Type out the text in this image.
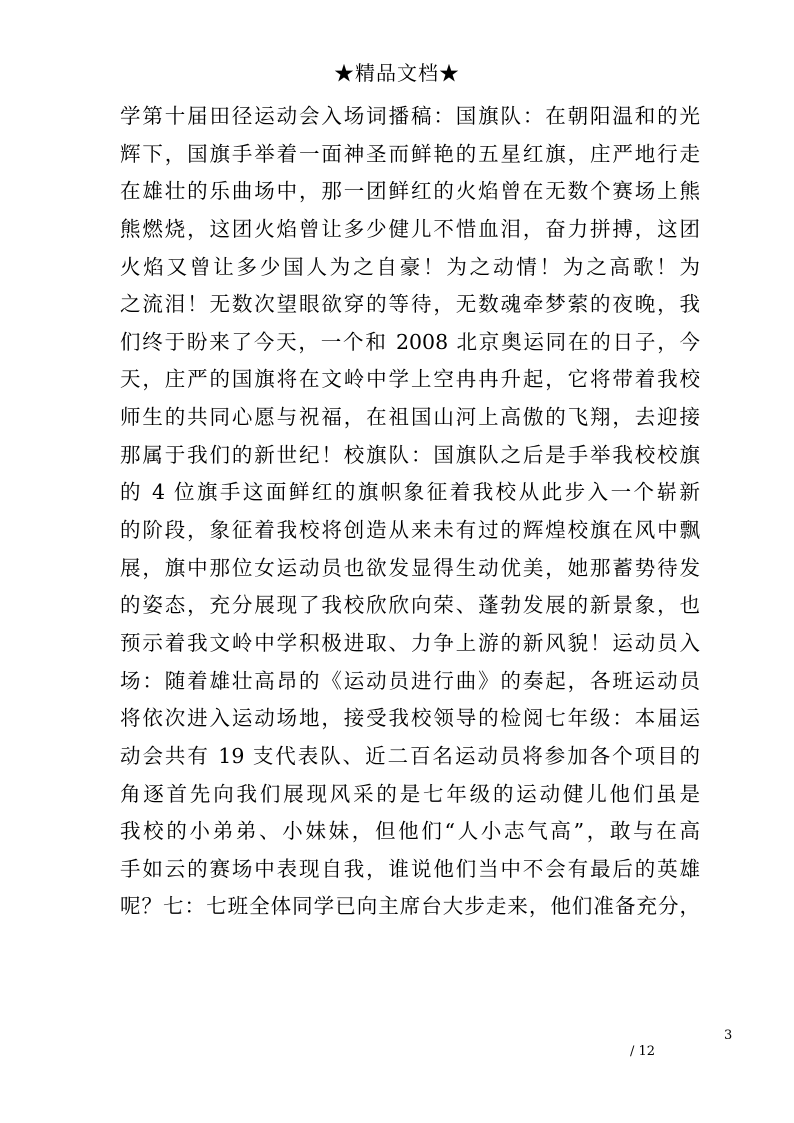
★精品文档★
学第十届田径运动会入场词播稿：国旗队：在朝阳温和的光
辉下，国旗手举着一面神圣而鲜艳的五星红旗，庄严地行走
在雄壮的乐曲场中，那一团鲜红的火焰曾在无数个赛场上熊
熊燃烧，这团火焰曾让多少健儿不惜血泪，奋力拼搏，这团
火焰又曾让多少国人为之自豪！为之动情！为之高歌！为
之流泪！无数次望眼欲穿的等待，无数魂牵梦萦的夜晚，我
们终于盼来了今天，一个和 2008 北京奥运同在的日子，今
天，庄严的国旗将在文岭中学上空冉冉升起，它将带着我校
师生的共同心愿与祝福，在祖国山河上高傲的飞翔，去迎接
那属于我们的新世纪！校旗队：国旗队之后是手举我校校旗
的 4 位旗手这面鲜红的旗帜象征着我校从此步入一个崭新
的阶段，象征着我校将创造从来未有过的辉煌校旗在风中飘
展，旗中那位女运动员也欲发显得生动优美，她那蓄势待发
的姿态，充分展现了我校欣欣向荣、蓬勃发展的新景象，也
预示着我文岭中学积极进取、力争上游的新风貌！运动员入
场：随着雄壮高昂的《运动员进行曲》的奏起，各班运动员
将依次进入运动场地，接受我校领导的检阅七年级：本届运
动会共有 19 支代表队、近二百名运动员将参加各个项目的
角逐首先向我们展现风采的是七年级的运动健儿他们虽是
我校的小弟弟、小妹妹，但他们“人小志气高”，敢与在高
手如云的赛场中表现自我，谁说他们当中不会有最后的英雄
呢？七：七班全体同学已向主席台大步走来，他们准备充分，
3
/ 12
